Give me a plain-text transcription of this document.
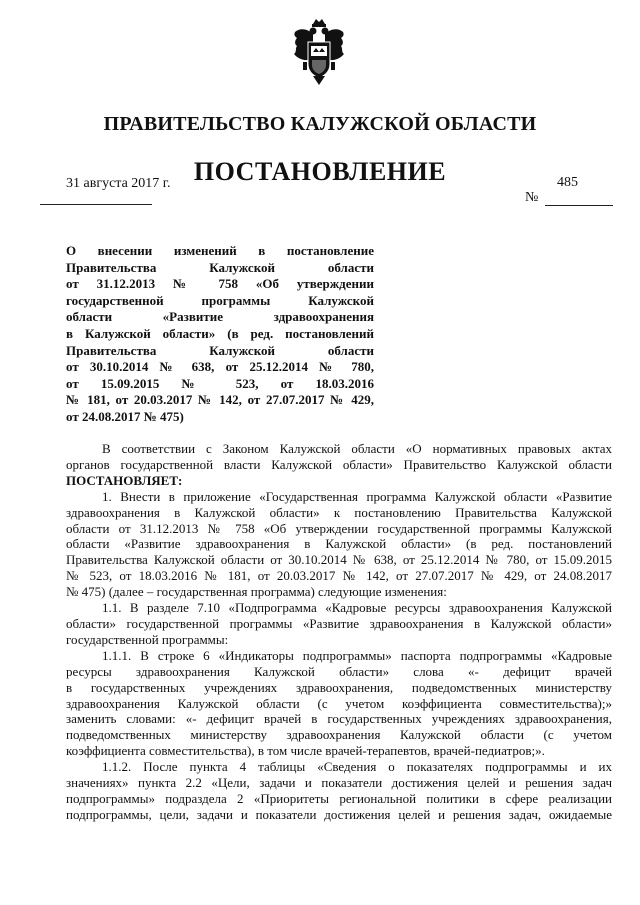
ПРАВИТЕЛЬСТВО КАЛУЖСКОЙ ОБЛАСТИ
ПОСТАНОВЛЕНИЕ
31 августа 2017 г.	485
№
О внесении изменений в постановление
Правительства Калужской области
от 31.12.2013 № 758 «Об утверждении
государственной программы Калужской
области «Развитие здравоохранения
в Калужской области» (в ред. постановлений
Правительства Калужской области
от 30.10.2014 № 638, от 25.12.2014 № 780,
от 15.09.2015 № 523, от 18.03.2016
№ 181, от 20.03.2017 № 142, от 27.07.2017 № 429,
от 24.08.2017 № 475)
В соответствии с Законом Калужской области «О нормативных правовых актах
органов государственной власти Калужской области» Правительство Калужской области
ПОСТАНОВЛЯЕТ:
1. Внести в приложение «Государственная программа Калужской области «Развитие
здравоохранения в Калужской области» к постановлению Правительства Калужской
области от 31.12.2013 № 758 «Об утверждении государственной программы Калужской
области «Развитие здравоохранения в Калужской области» (в ред. постановлений
Правительства Калужской области от 30.10.2014 № 638, от 25.12.2014 № 780, от 15.09.2015
№ 523, от 18.03.2016 № 181, от 20.03.2017 № 142, от 27.07.2017 № 429, от 24.08.2017
№ 475) (далее – государственная программа) следующие изменения:
1.1. В разделе 7.10 «Подпрограмма «Кадровые ресурсы здравоохранения Калужской
области» государственной программы «Развитие здравоохранения в Калужской области»
государственной программы:
1.1.1. В строке 6 «Индикаторы подпрограммы» паспорта подпрограммы «Кадровые
ресурсы здравоохранения Калужской области» слова «- дефицит врачей
в государственных учреждениях здравоохранения, подведомственных министерству
здравоохранения Калужской области (с учетом коэффициента совместительства);»
заменить словами: «- дефицит врачей в государственных учреждениях здравоохранения,
подведомственных министерству здравоохранения Калужской области (с учетом
коэффициента совместительства), в том числе врачей-терапевтов, врачей-педиатров;».
1.1.2. После пункта 4 таблицы «Сведения о показателях подпрограммы и их
значениях» пункта 2.2 «Цели, задачи и показатели достижения целей и решения задач
подпрограммы» подраздела 2 «Приоритеты региональной политики в сфере реализации
подпрограммы, цели, задачи и показатели достижения целей и решения задач, ожидаемые
